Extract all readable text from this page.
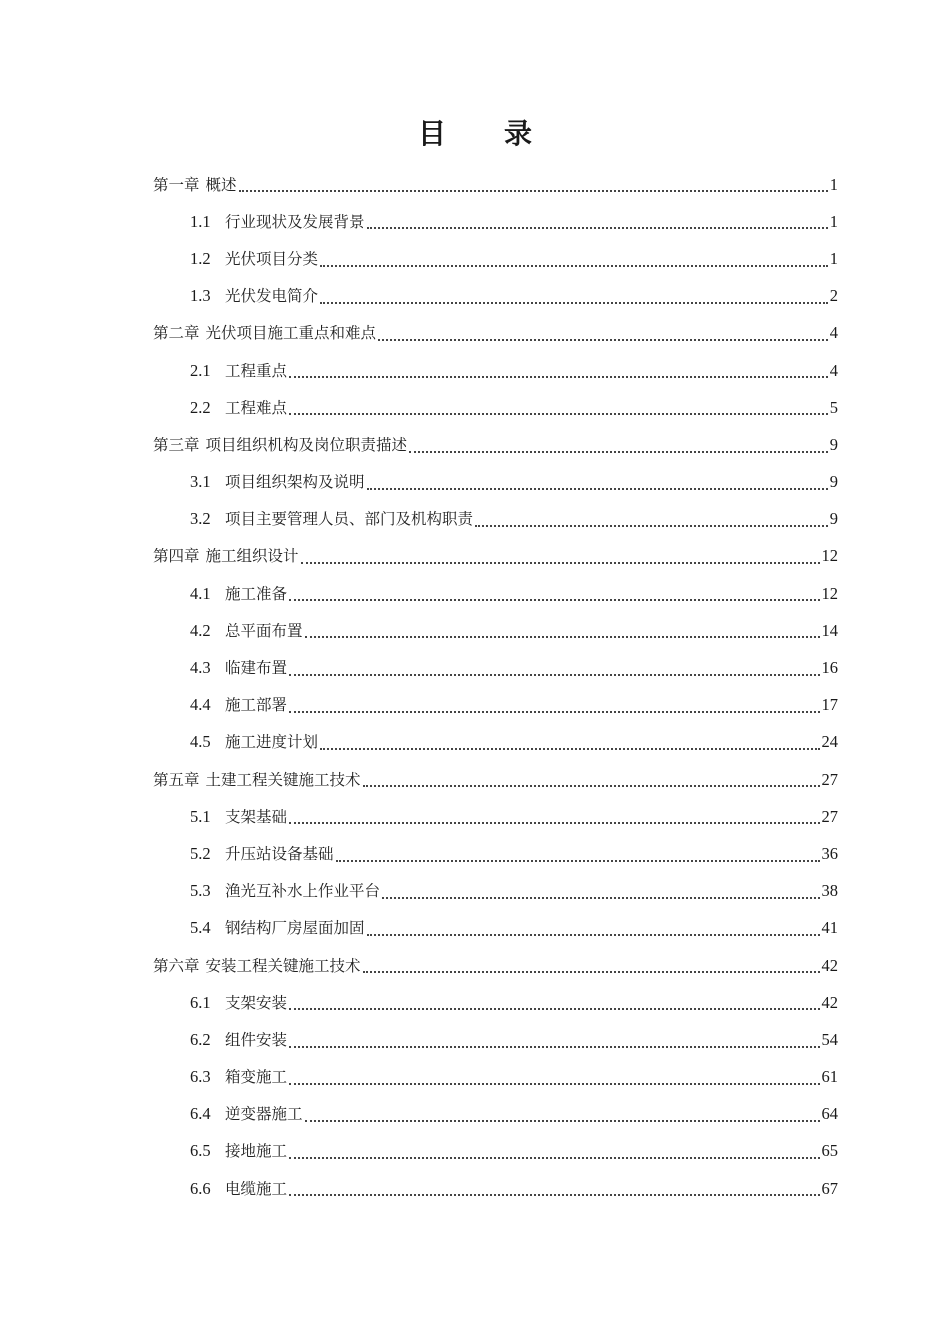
目 录
第一章 概述	1
1.1 行业现状及发展背景	1
1.2 光伏项目分类	1
1.3 光伏发电简介	2
第二章 光伏项目施工重点和难点	4
2.1 工程重点	4
2.2 工程难点	5
第三章 项目组织机构及岗位职责描述	9
3.1 项目组织架构及说明	9
3.2 项目主要管理人员、部门及机构职责	9
第四章 施工组织设计	12
4.1 施工准备	12
4.2 总平面布置	14
4.3 临建布置	16
4.4 施工部署	17
4.5 施工进度计划	24
第五章 土建工程关键施工技术	27
5.1 支架基础	27
5.2 升压站设备基础	36
5.3 渔光互补水上作业平台	38
5.4 钢结构厂房屋面加固	41
第六章 安装工程关键施工技术	42
6.1 支架安装	42
6.2 组件安装	54
6.3 箱变施工	61
6.4 逆变器施工	64
6.5 接地施工	65
6.6 电缆施工	67
